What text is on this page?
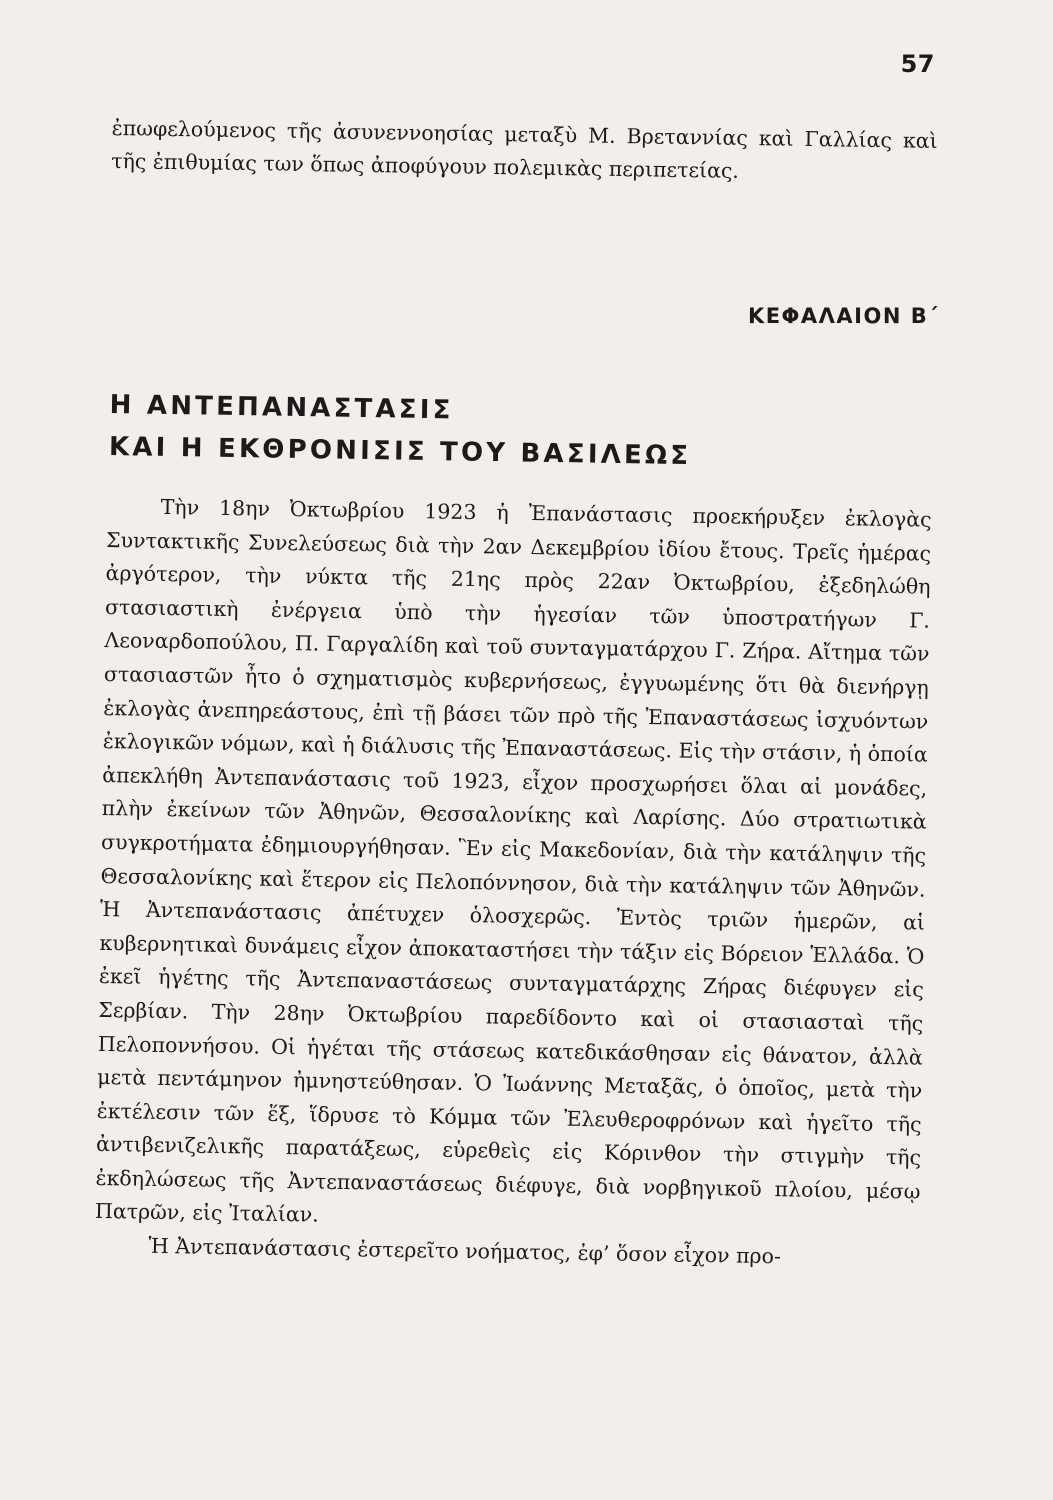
57

ἐπωφελούμενος τῆς ἀσυνεννοησίας μεταξὺ Μ. Βρεταννίας καὶ Γαλλίας καὶ τῆς ἐπιθυμίας των ὅπως ἀποφύγουν πολεμικὰς περιπετείας.

ΚΕΦΑΛΑΙΟΝ Β΄
Η ΑΝΤΕΠΑΝΑΣΤΑΣΙΣ
ΚΑΙ Η ΕΚΘΡΟΝΙΣΙΣ ΤΟΥ ΒΑΣΙΛΕΩΣ

Τὴν 18ην Ὀκτωβρίου 1923 ἡ Ἐπανάστασις προεκήρυξεν ἐκλογὰς Συντακτικῆς Συνελεύσεως διὰ τὴν 2αν Δεκεμβρίου ἰδίου ἔτους. Τρεῖς ἡμέρας ἀργότερον, τὴν νύκτα τῆς 21ης πρὸς 22αν Ὀκτωβρίου, ἐξεδηλώθη στασιαστικὴ ἐνέργεια ὑπὸ τὴν ἡγεσίαν τῶν ὑποστρατήγων Γ. Λεοναρδοπούλου, Π. Γαργαλίδη καὶ τοῦ συνταγματάρχου Γ. Ζήρα. Αἴτημα τῶν στασιαστῶν ἦτο ὁ σχηματισμὸς κυβερνήσεως, ἐγγυωμένης ὅτι θὰ διενήργῃ ἐκλογὰς ἀνεπηρεάστους, ἐπὶ τῇ βάσει τῶν πρὸ τῆς Ἐπαναστάσεως ἰσχυόντων ἐκλογικῶν νόμων, καὶ ἡ διάλυσις τῆς Ἐπαναστάσεως. Εἰς τὴν στάσιν, ἡ ὁποία ἀπεκλήθη Ἀντεπανάστασις τοῦ 1923, εἶχον προσχωρήσει ὅλαι αἱ μονάδες, πλὴν ἐκείνων τῶν Ἀθηνῶν, Θεσσαλονίκης καὶ Λαρίσης. Δύο στρατιωτικὰ συγκροτήματα ἐδημιουργήθησαν. Ἓν εἰς Μακεδονίαν, διὰ τὴν κατάληψιν τῆς Θεσσαλονίκης καὶ ἕτερον εἰς Πελοπόννησον, διὰ τὴν κατάληψιν τῶν Ἀθηνῶν. Ἡ Ἀντεπανάστασις ἀπέτυχεν ὁλοσχερῶς. Ἐντὸς τριῶν ἡμερῶν, αἱ κυβερνητικαὶ δυνάμεις εἶχον ἀποκαταστήσει τὴν τάξιν εἰς Βόρειον Ἑλλάδα. Ὁ ἐκεῖ ἡγέτης τῆς Ἀντεπαναστάσεως συνταγματάρχης Ζήρας διέφυγεν εἰς Σερβίαν. Τὴν 28ην Ὀκτωβρίου παρεδίδοντο καὶ οἱ στασιασταὶ τῆς Πελοποννήσου. Οἱ ἡγέται τῆς στάσεως κατεδικάσθησαν εἰς θάνατον, ἀλλὰ μετὰ πεντάμηνον ἠμνηστεύθησαν. Ὁ Ἰωάννης Μεταξᾶς, ὁ ὁποῖος, μετὰ τὴν ἐκτέλεσιν τῶν ἕξ, ἵδρυσε τὸ Κόμμα τῶν Ἐλευθεροφρόνων καὶ ἡγεῖτο τῆς ἀντιβενιζελικῆς παρατάξεως, εὑρεθεὶς εἰς Κόρινθον τὴν στιγμὴν τῆς ἐκδηλώσεως τῆς Ἀντεπαναστάσεως διέφυγε, διὰ νορβηγικοῦ πλοίου, μέσῳ Πατρῶν, εἰς Ἰταλίαν.

Ἡ Ἀντεπανάστασις ἐστερεῖτο νοήματος, ἐφ’ ὅσον εἶχον προ-
